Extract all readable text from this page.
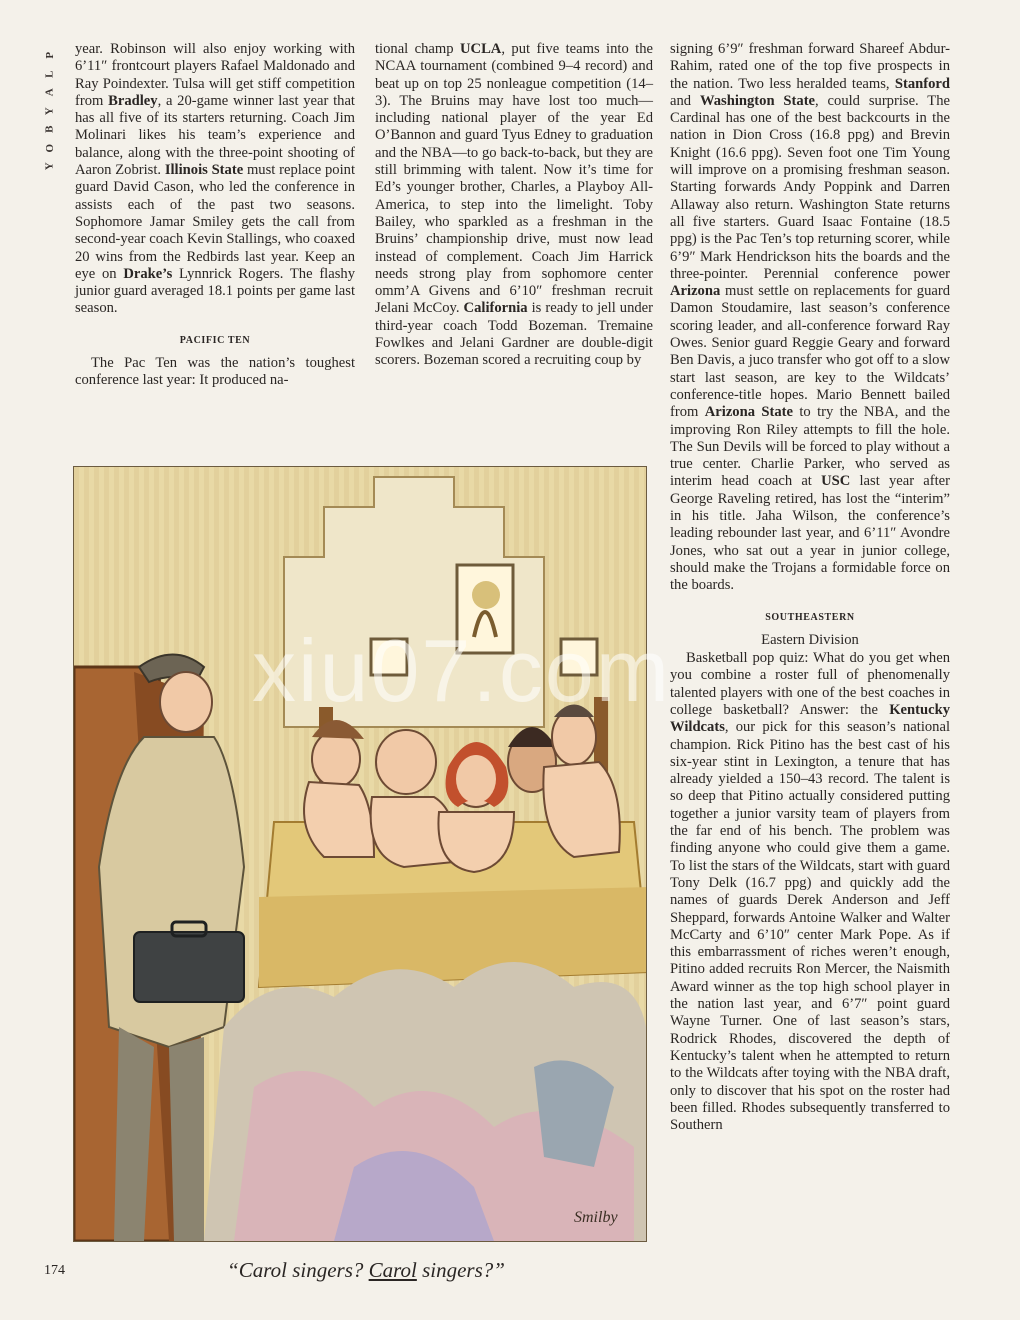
P
L
A
Y
B
O
Y

year. Robinson will also enjoy working with 6’11″ frontcourt players Rafael Maldonado and Ray Poindexter. Tulsa will get stiff competition from Bradley, a 20-game winner last year that has all five of its starters returning. Coach Jim Molinari likes his team’s experience and balance, along with the three-point shooting of Aaron Zobrist. Illinois State must replace point guard David Cason, who led the conference in assists each of the past two seasons. Sophomore Jamar Smiley gets the call from second-year coach Kevin Stallings, who coaxed 20 wins from the Redbirds last year. Keep an eye on Drake’s Lynnrick Rogers. The flashy junior guard averaged 18.1 points per game last season.

PACIFIC TEN

The Pac Ten was the nation’s toughest conference last year: It produced na-

tional champ UCLA, put five teams into the NCAA tournament (combined 9–4 record) and beat up on top 25 nonleague competition (14–3). The Bruins may have lost too much—including national player of the year Ed O’Bannon and guard Tyus Edney to graduation and the NBA—to go back-to-back, but they are still brimming with talent. Now it’s time for Ed’s younger brother, Charles, a Playboy All-America, to step into the limelight. Toby Bailey, who sparkled as a freshman in the Bruins’ championship drive, must now lead instead of complement. Coach Jim Harrick needs strong play from sophomore center omm’A Givens and 6’10″ freshman recruit Jelani McCoy. California is ready to jell under third-year coach Todd Bozeman. Tremaine Fowlkes and Jelani Gardner are double-digit scorers. Bozeman scored a recruiting coup by

signing 6’9″ freshman forward Shareef Abdur-Rahim, rated one of the top five prospects in the nation. Two less heralded teams, Stanford and Washington State, could surprise. The Cardinal has one of the best backcourts in the nation in Dion Cross (16.8 ppg) and Brevin Knight (16.6 ppg). Seven foot one Tim Young will improve on a promising freshman season. Starting forwards Andy Poppink and Darren Allaway also return. Washington State returns all five starters. Guard Isaac Fontaine (18.5 ppg) is the Pac Ten’s top returning scorer, while 6’9″ Mark Hendrickson hits the boards and the three-pointer. Perennial conference power Arizona must settle on replacements for guard Damon Stoudamire, last season’s conference scoring leader, and all-conference forward Ray Owes. Senior guard Reggie Geary and forward Ben Davis, a juco transfer who got off to a slow start last season, are key to the Wildcats’ conference-title hopes. Mario Bennett bailed from Arizona State to try the NBA, and the improving Ron Riley attempts to fill the hole. The Sun Devils will be forced to play without a true center. Charlie Parker, who served as interim head coach at USC last year after George Raveling retired, has lost the “interim” in his title. Jaha Wilson, the conference’s leading rebounder last year, and 6’11″ Avondre Jones, who sat out a year in junior college, should make the Trojans a formidable force on the boards.

SOUTHEASTERN
Eastern Division

Basketball pop quiz: What do you get when you combine a roster full of phenomenally talented players with one of the best coaches in college basketball? Answer: the Kentucky Wildcats, our pick for this season’s national champion. Rick Pitino has the best cast of his six-year stint in Lexington, a tenure that has already yielded a 150–43 record. The talent is so deep that Pitino actually considered putting together a junior varsity team of players from the far end of his bench. The problem was finding anyone who could give them a game. To list the stars of the Wildcats, start with guard Tony Delk (16.7 ppg) and quickly add the names of guards Derek Anderson and Jeff Sheppard, forwards Antoine Walker and Walter McCarty and 6’10″ center Mark Pope. As if this embarrassment of riches weren’t enough, Pitino added recruits Ron Mercer, the Naismith Award winner as the top high school player in the nation last year, and 6’7″ point guard Wayne Turner. One of last season’s stars, Rodrick Rhodes, discovered the depth of Kentucky’s talent when he attempted to return to the Wildcats after toying with the NBA draft, only to discover that his spot on the roster had been filled. Rhodes subsequently transferred to Southern

Smilby
174	“Carol singers? Carol singers?”
xiu07.com
